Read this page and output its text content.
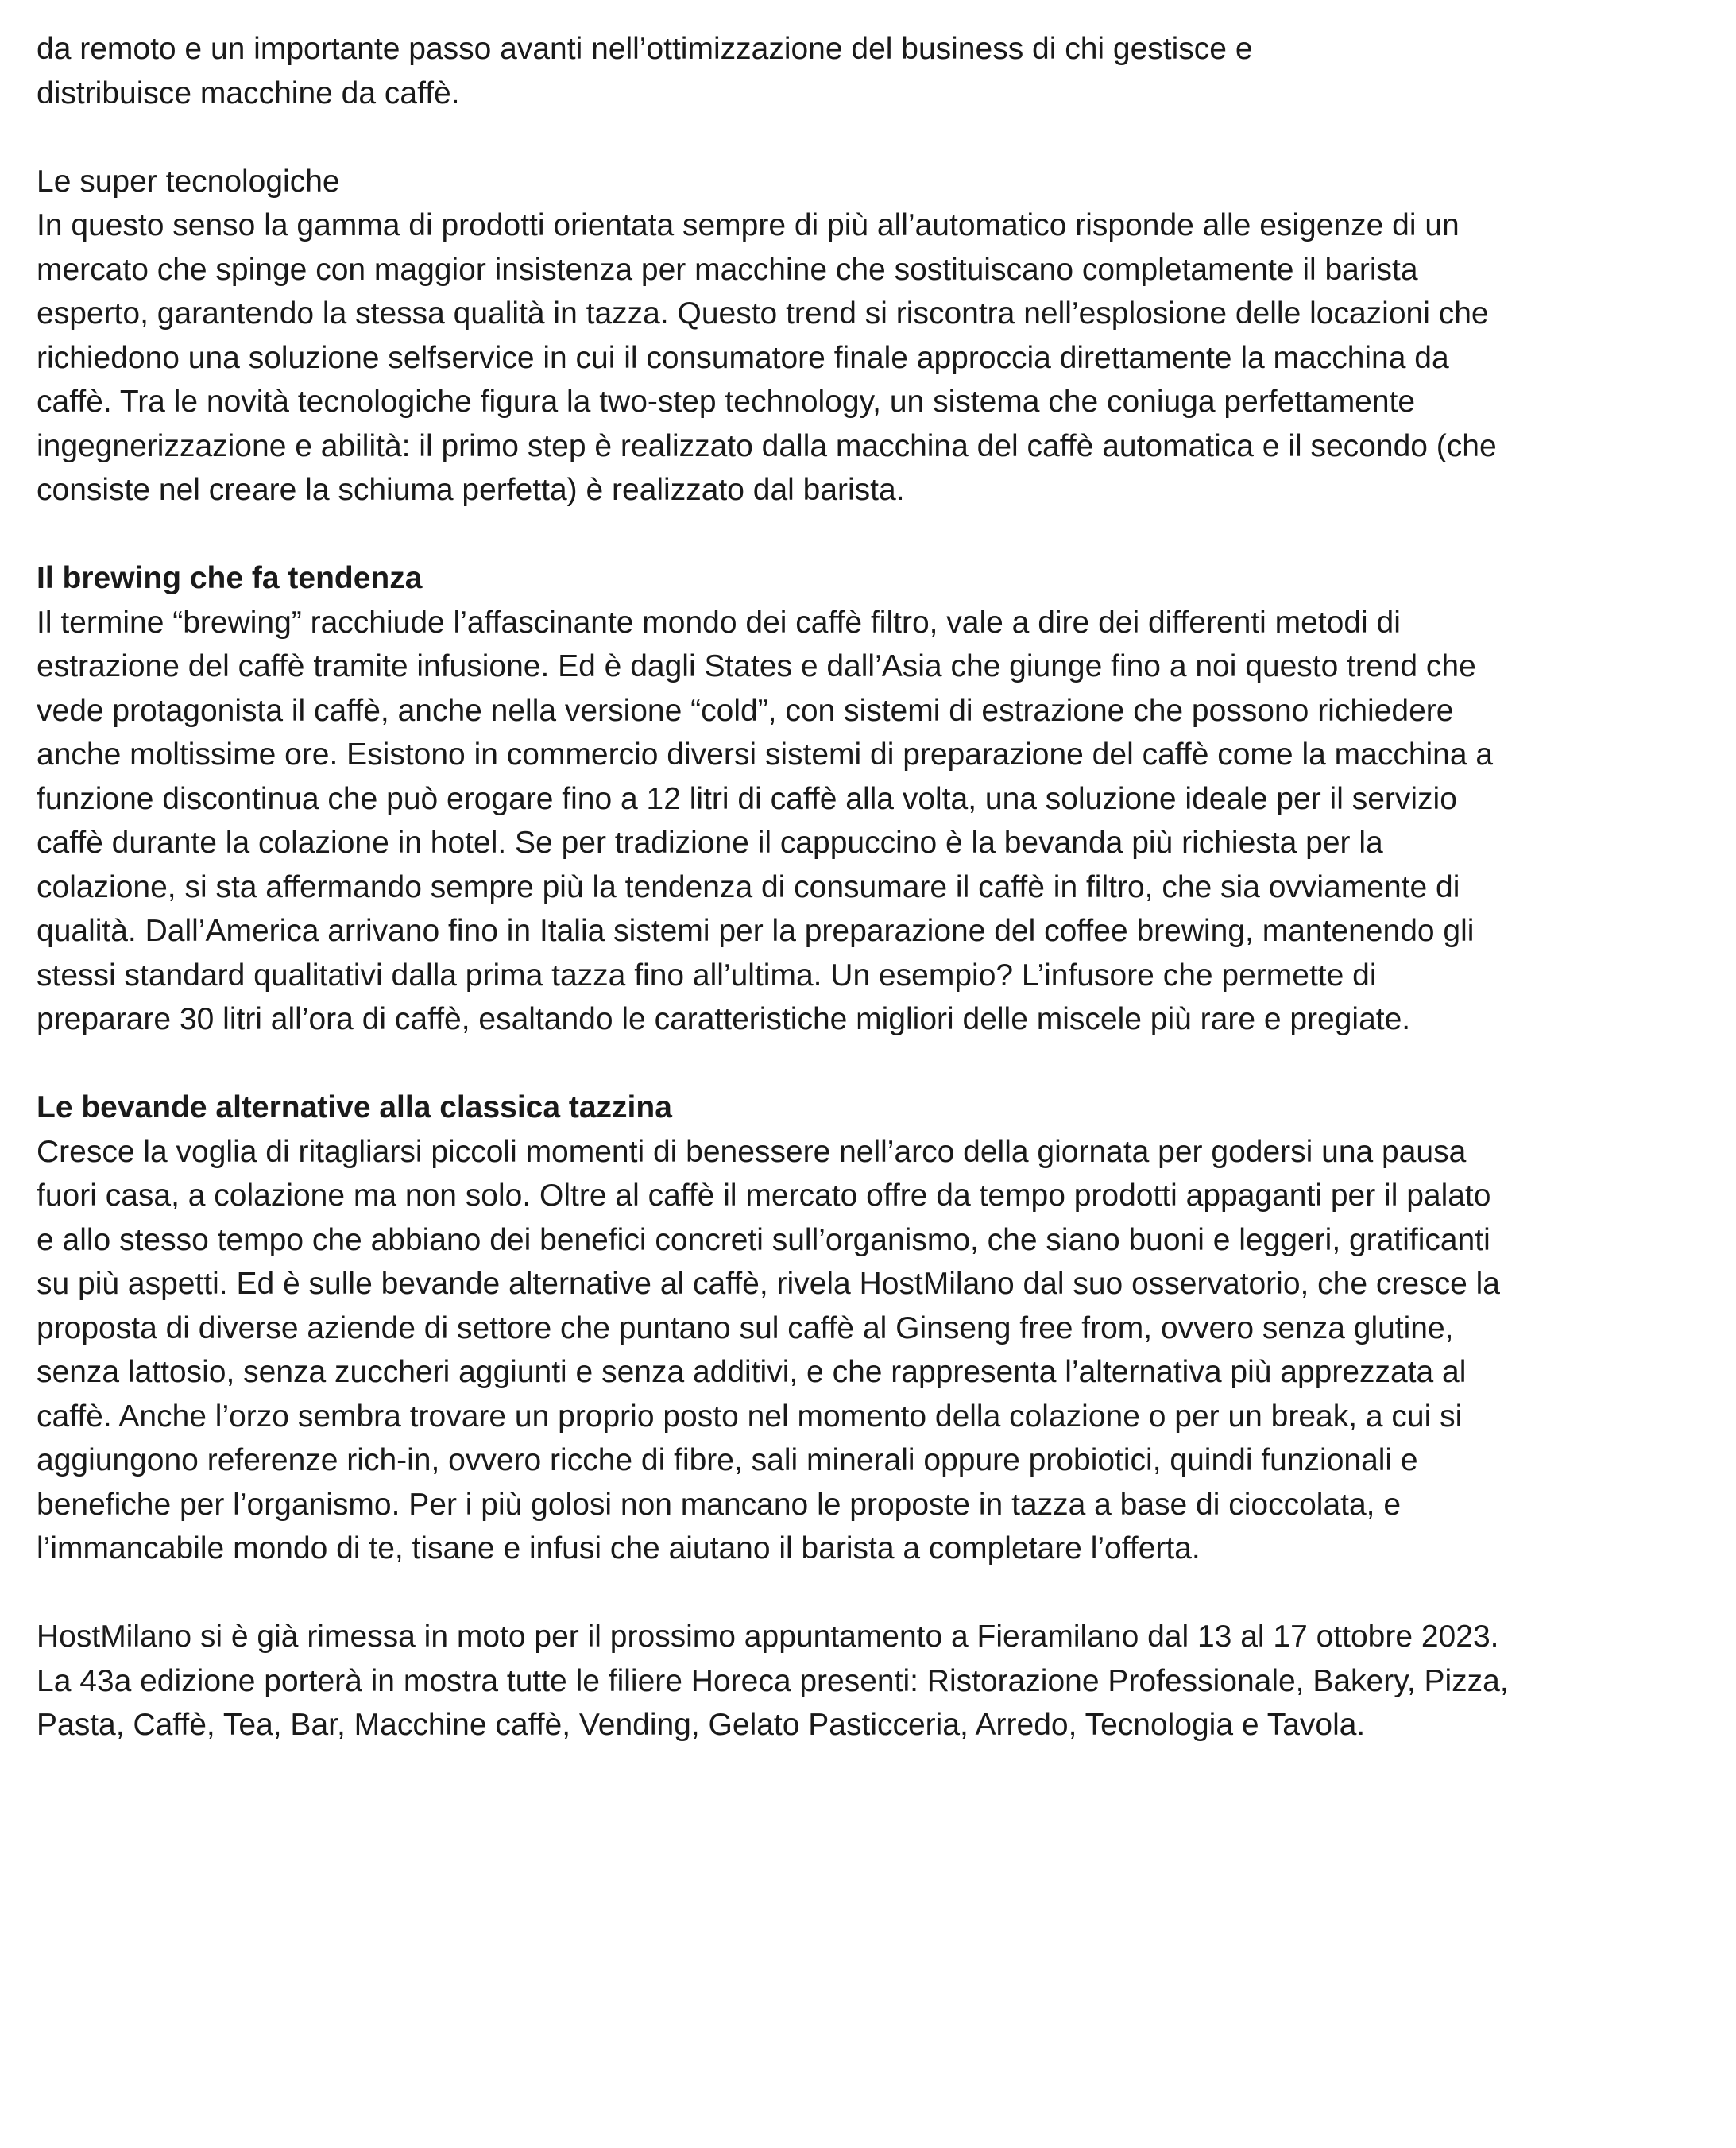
da remoto e un importante passo avanti nell’ottimizzazione del business di chi gestisce e
distribuisce macchine da caffè.
Le super tecnologiche
In questo senso la gamma di prodotti orientata sempre di più all’automatico risponde alle esigenze di un
mercato che spinge con maggior insistenza per macchine che sostituiscano completamente il barista
esperto, garantendo la stessa qualità in tazza. Questo trend si riscontra nell’esplosione delle locazioni che
richiedono una soluzione selfservice in cui il consumatore finale approccia direttamente la macchina da
caffè. Tra le novità tecnologiche figura la two-step technology, un sistema che coniuga perfettamente
ingegnerizzazione e abilità: il primo step è realizzato dalla macchina del caffè automatica e il secondo (che
consiste nel creare la schiuma perfetta) è realizzato dal barista.
Il brewing che fa tendenza
Il termine “brewing” racchiude l’affascinante mondo dei caffè filtro, vale a dire dei differenti metodi di
estrazione del caffè tramite infusione. Ed è dagli States e dall’Asia che giunge fino a noi questo trend che
vede protagonista il caffè, anche nella versione “cold”, con sistemi di estrazione che possono richiedere
anche moltissime ore. Esistono in commercio diversi sistemi di preparazione del caffè come la macchina a
funzione discontinua che può erogare fino a 12 litri di caffè alla volta, una soluzione ideale per il servizio
caffè durante la colazione in hotel. Se per tradizione il cappuccino è la bevanda più richiesta per la
colazione, si sta affermando sempre più la tendenza di consumare il caffè in filtro, che sia ovviamente di
qualità. Dall’America arrivano fino in Italia sistemi per la preparazione del coffee brewing, mantenendo gli
stessi standard qualitativi dalla prima tazza fino all’ultima. Un esempio? L’infusore che permette di
preparare 30 litri all’ora di caffè, esaltando le caratteristiche migliori delle miscele più rare e pregiate.
Le bevande alternative alla classica tazzina
Cresce la voglia di ritagliarsi piccoli momenti di benessere nell’arco della giornata per godersi una pausa
fuori casa, a colazione ma non solo. Oltre al caffè il mercato offre da tempo prodotti appaganti per il palato
e allo stesso tempo che abbiano dei benefici concreti sull’organismo, che siano buoni e leggeri, gratificanti
su più aspetti. Ed è sulle bevande alternative al caffè, rivela HostMilano dal suo osservatorio, che cresce la
proposta di diverse aziende di settore che puntano sul caffè al Ginseng free from, ovvero senza glutine,
senza lattosio, senza zuccheri aggiunti e senza additivi, e che rappresenta l’alternativa più apprezzata al
caffè. Anche l’orzo sembra trovare un proprio posto nel momento della colazione o per un break, a cui si
aggiungono referenze rich-in, ovvero ricche di fibre, sali minerali oppure probiotici, quindi funzionali e
benefiche per l’organismo. Per i più golosi non mancano le proposte in tazza a base di cioccolata, e
l’immancabile mondo di te, tisane e infusi che aiutano il barista a completare l’offerta.
HostMilano si è già rimessa in moto per il prossimo appuntamento a Fieramilano dal 13 al 17 ottobre 2023.
La 43a edizione porterà in mostra tutte le filiere Horeca presenti: Ristorazione Professionale, Bakery, Pizza,
Pasta, Caffè, Tea, Bar, Macchine caffè, Vending, Gelato Pasticceria, Arredo, Tecnologia e Tavola.
